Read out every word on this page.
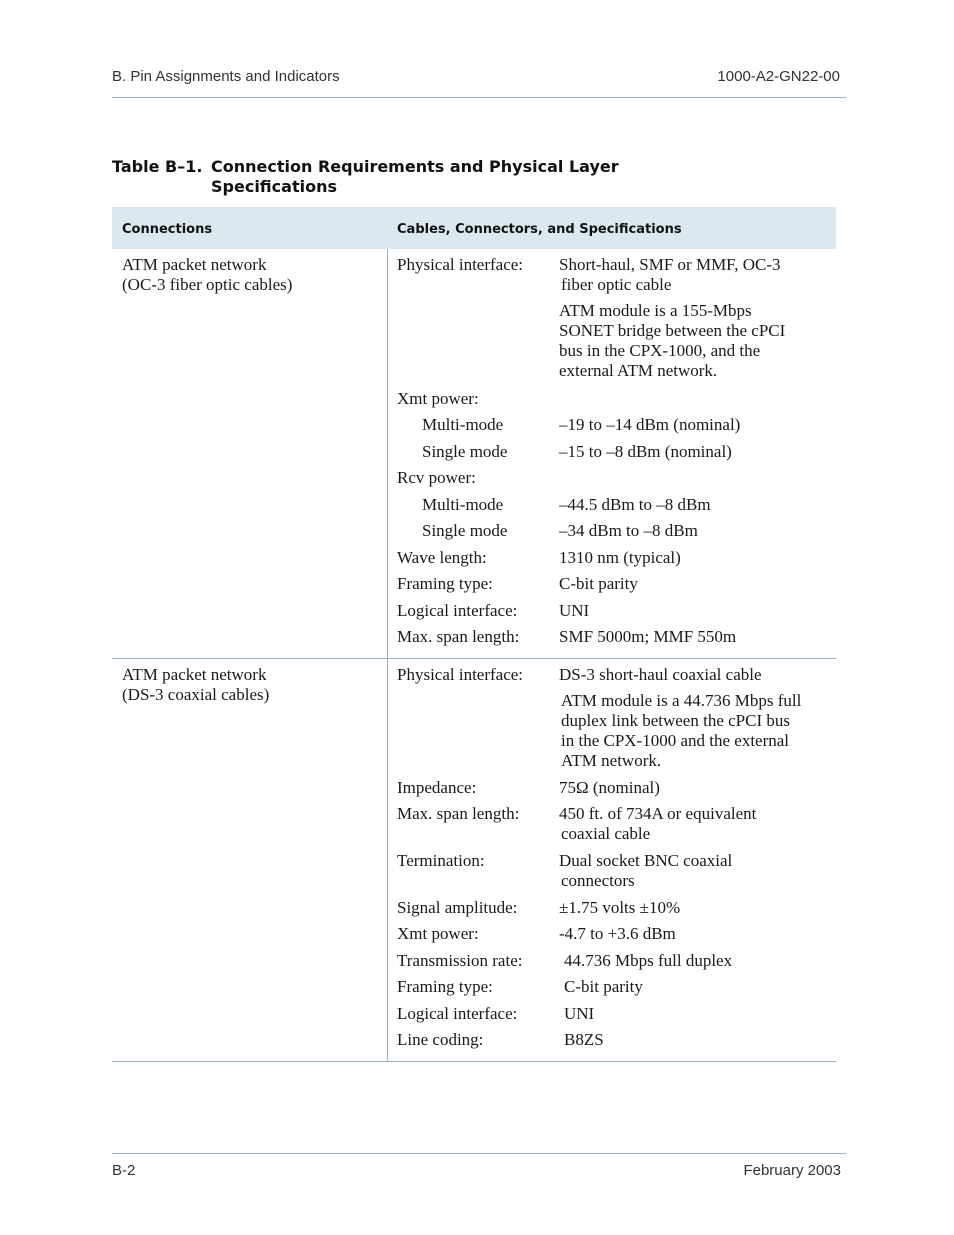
B. Pin Assignments and Indicators	1000-A2-GN22-00
Table B–1. Connection Requirements and Physical Layer Specifications
Connections	Cables, Connectors, and Specifications
ATM packet network
(OC-3 fiber optic cables)
Physical interface: Short-haul, SMF or MMF, OC-3
fiber optic cable
ATM module is a 155-Mbps
SONET bridge between the cPCI
bus in the CPX-1000, and the
external ATM network.
Xmt power:
Multi-mode	–19 to –14 dBm (nominal)
Single mode	–15 to –8 dBm (nominal)
Rcv power:
Multi-mode	–44.5 dBm to –8 dBm
Single mode	–34 dBm to –8 dBm
Wave length:	1310 nm (typical)
Framing type:	C-bit parity
Logical interface: UNI
Max. span length: SMF 5000m; MMF 550m
ATM packet network
(DS-3 coaxial cables)
Physical interface: DS-3 short-haul coaxial cable
ATM module is a 44.736 Mbps full
duplex link between the cPCI bus
in the CPX-1000 and the external
ATM network.
Impedance:	75Ω (nominal)
Max. span length: 450 ft. of 734A or equivalent
coaxial cable
Termination:	Dual socket BNC coaxial
connectors
Signal amplitude: ±1.75 volts ±10%
Xmt power:	-4.7 to +3.6 dBm
Transmission rate: 44.736 Mbps full duplex
Framing type:	C-bit parity
Logical interface:	UNI
Line coding:	B8ZS
B-2	February 2003
